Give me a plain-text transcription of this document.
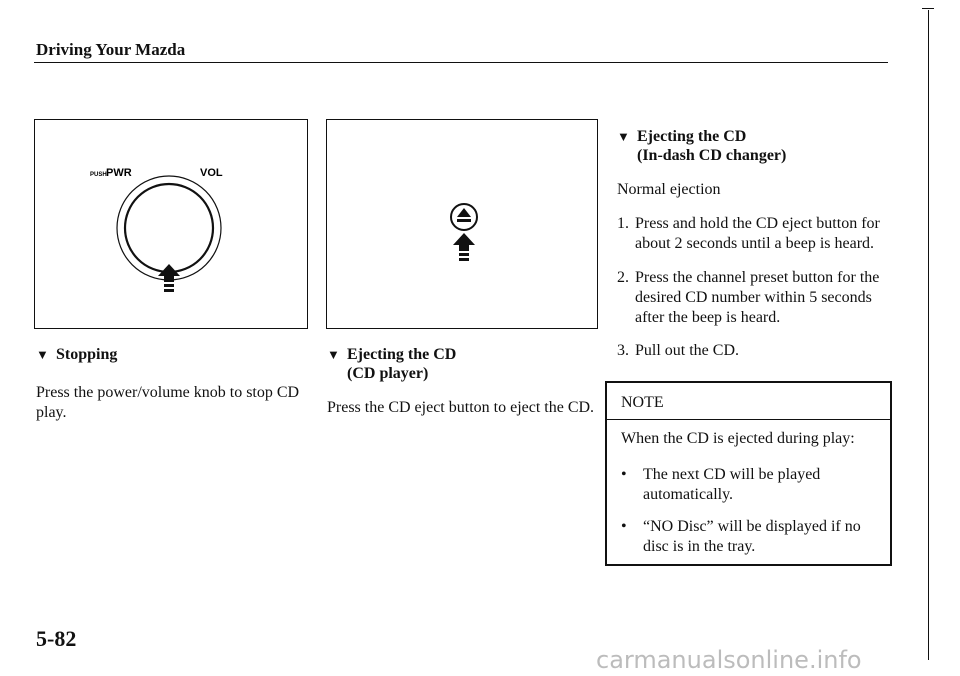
Driving Your Mazda
PUSH PWR	VOL
▼ Stopping
Press the power/volume knob to stop CD
play.
▼ Ejecting the CD
(CD player)
Press the CD eject button to eject the CD.
▼ Ejecting the CD
(In-dash CD changer)
Normal ejection
1. Press and hold the CD eject button for
about 2 seconds until a beep is heard.
2. Press the channel preset button for the
desired CD number within 5 seconds
after the beep is heard.
3. Pull out the CD.
NOTE
When the CD is ejected during play:
• The next CD will be played
automatically.
• “NO Disc” will be displayed if no
disc is in the tray.
5-82
carmanualsonline.info
